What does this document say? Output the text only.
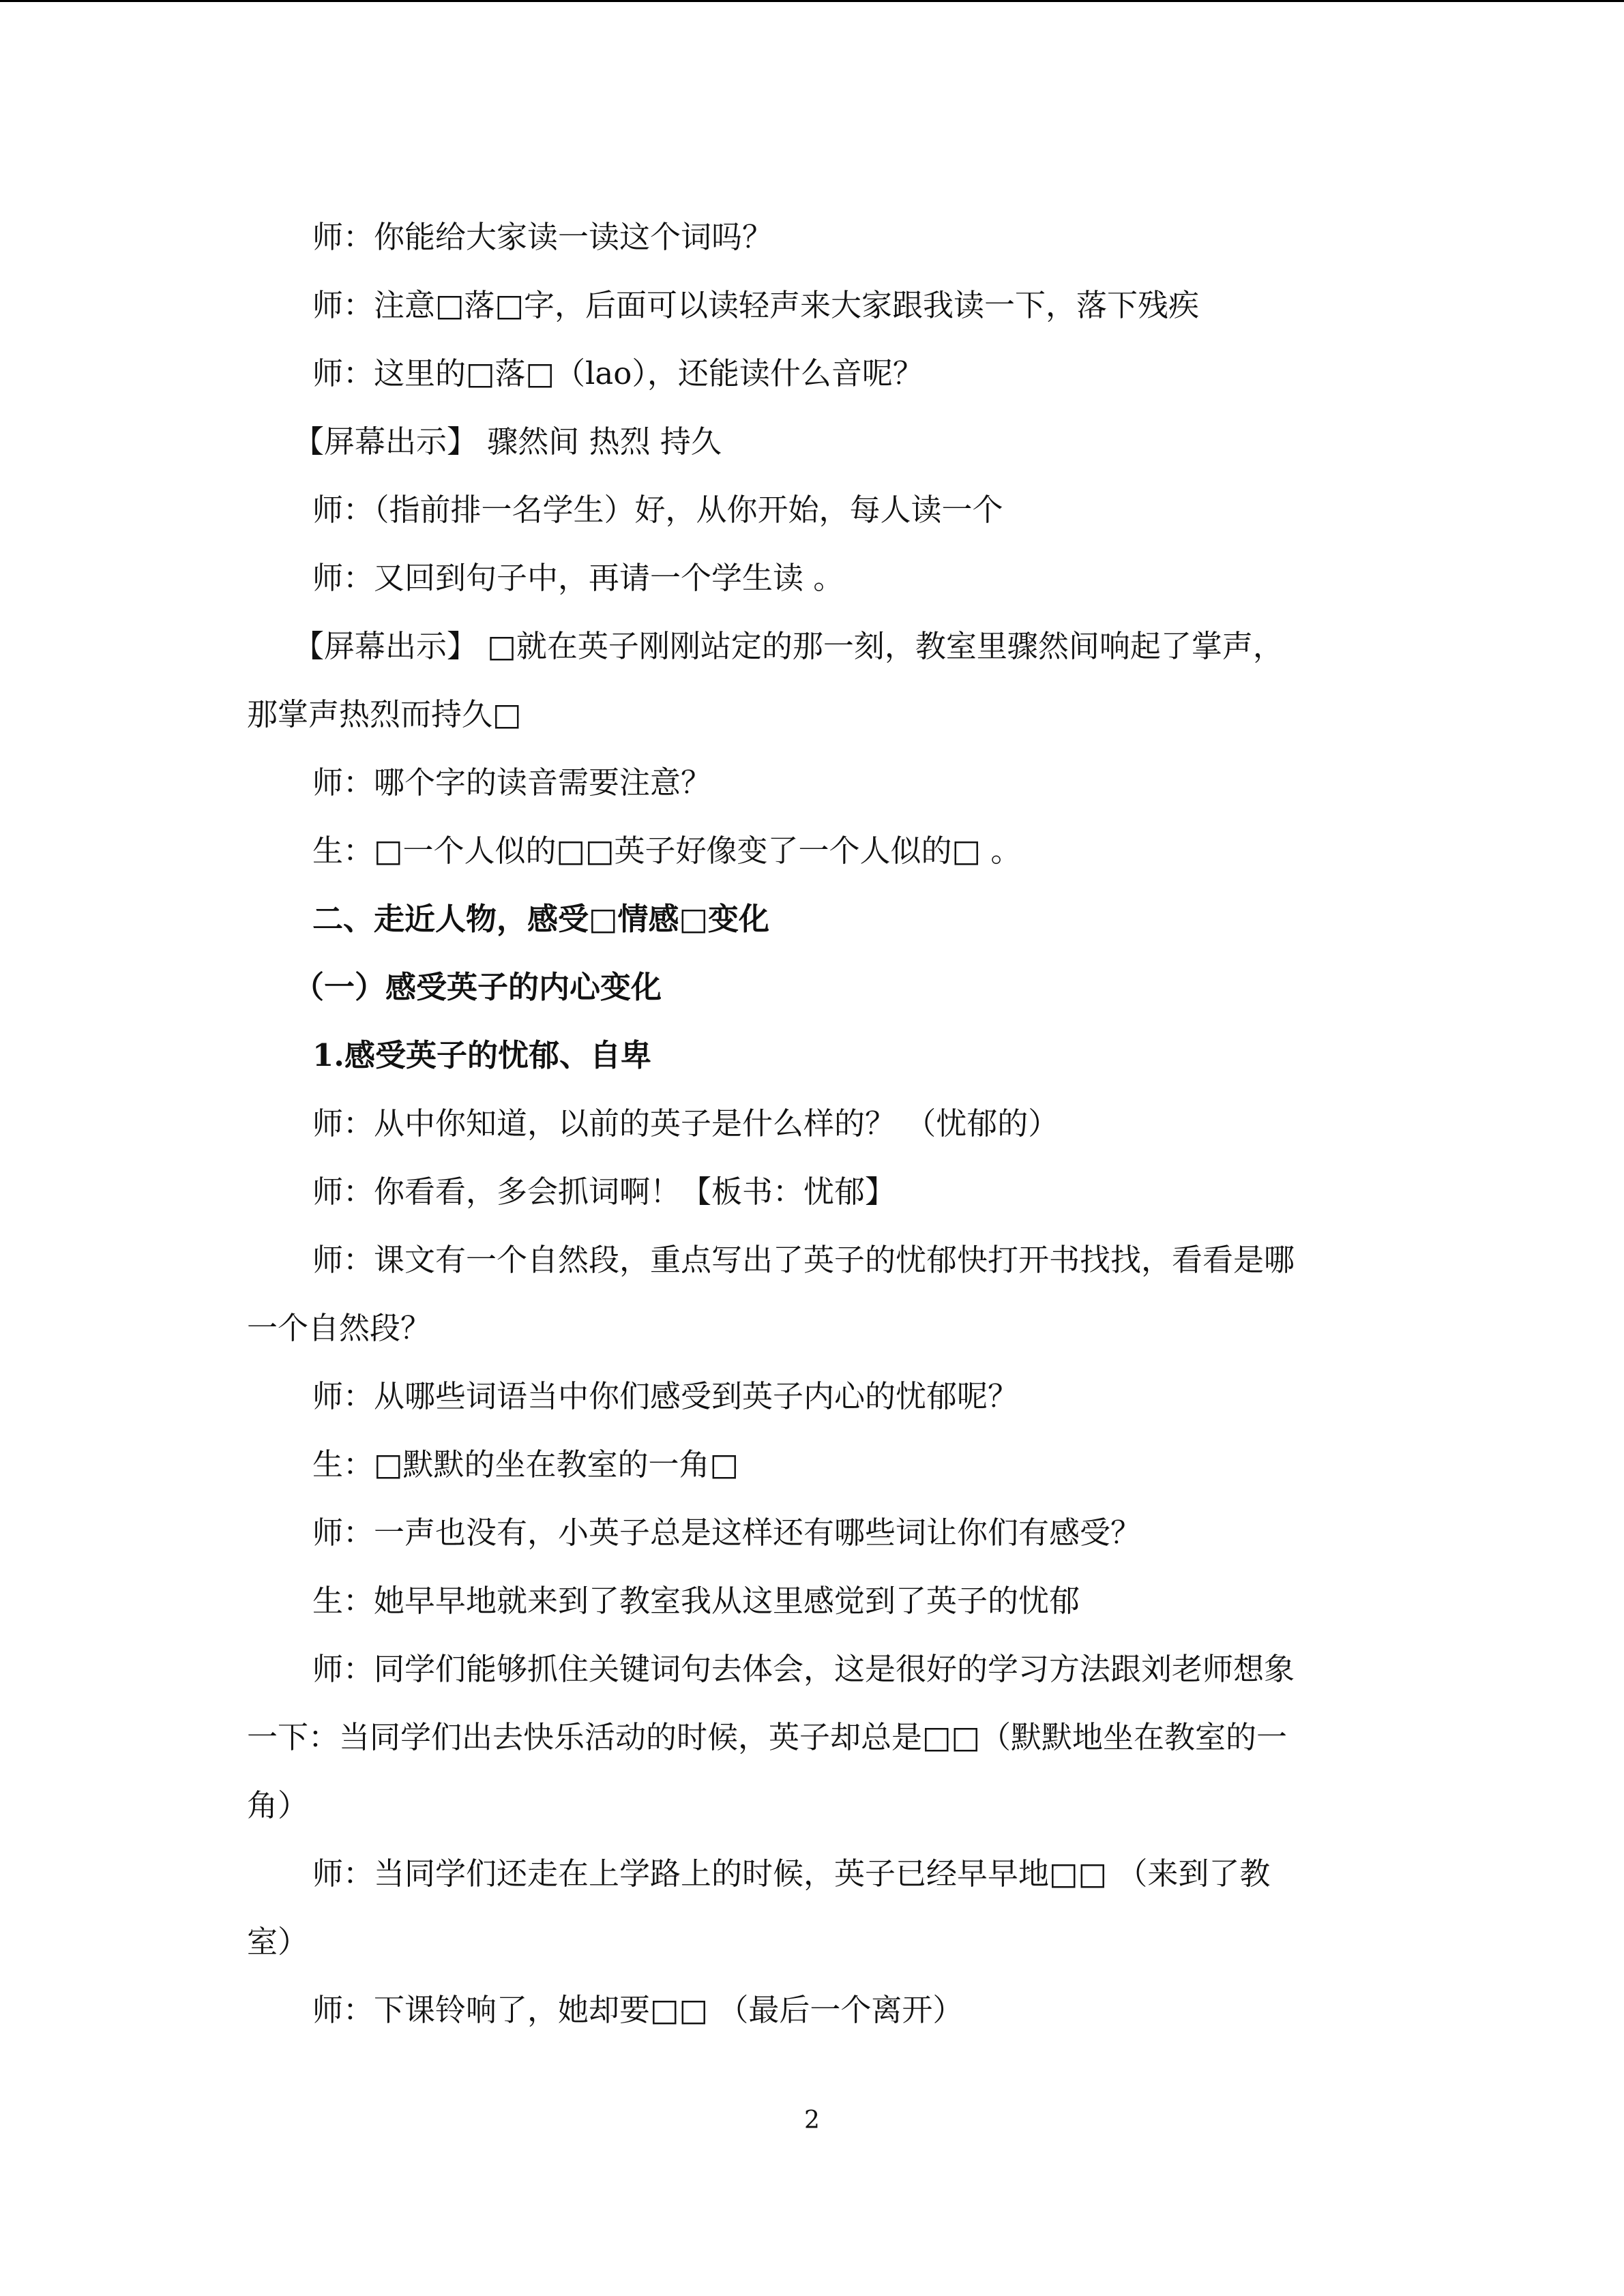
师：你能给大家读一读这个词吗？
师：注意□落□字，后面可以读轻声来大家跟我读一下，落下残疾
师：这里的□落□（lao），还能读什么音呢？
【屏幕出示】 骤然间 热烈 持久
师：（指前排一名学生）好，从你开始，每人读一个
师：又回到句子中，再请一个学生读 。
【屏幕出示】 □就在英子刚刚站定的那一刻，教室里骤然间响起了掌声，
那掌声热烈而持久□
师：哪个字的读音需要注意？
生：□一个人似的□□英子好像变了一个人似的□ 。
二、走近人物，感受□情感□变化
（一）感受英子的内心变化
1.感受英子的忧郁、自卑
师：从中你知道，以前的英子是什么样的？ （忧郁的）
师：你看看，多会抓词啊！【板书：忧郁】
师：课文有一个自然段，重点写出了英子的忧郁快打开书找找，看看是哪
一个自然段？
师：从哪些词语当中你们感受到英子内心的忧郁呢？
生：□默默的坐在教室的一角□
师：一声也没有，小英子总是这样还有哪些词让你们有感受？
生：她早早地就来到了教室我从这里感觉到了英子的忧郁
师：同学们能够抓住关键词句去体会，这是很好的学习方法跟刘老师想象
一下：当同学们出去快乐活动的时候，英子却总是□□（默默地坐在教室的一
角）
师：当同学们还走在上学路上的时候，英子已经早早地□□ （来到了教
室）
师：下课铃响了，她却要□□ （最后一个离开）
2
